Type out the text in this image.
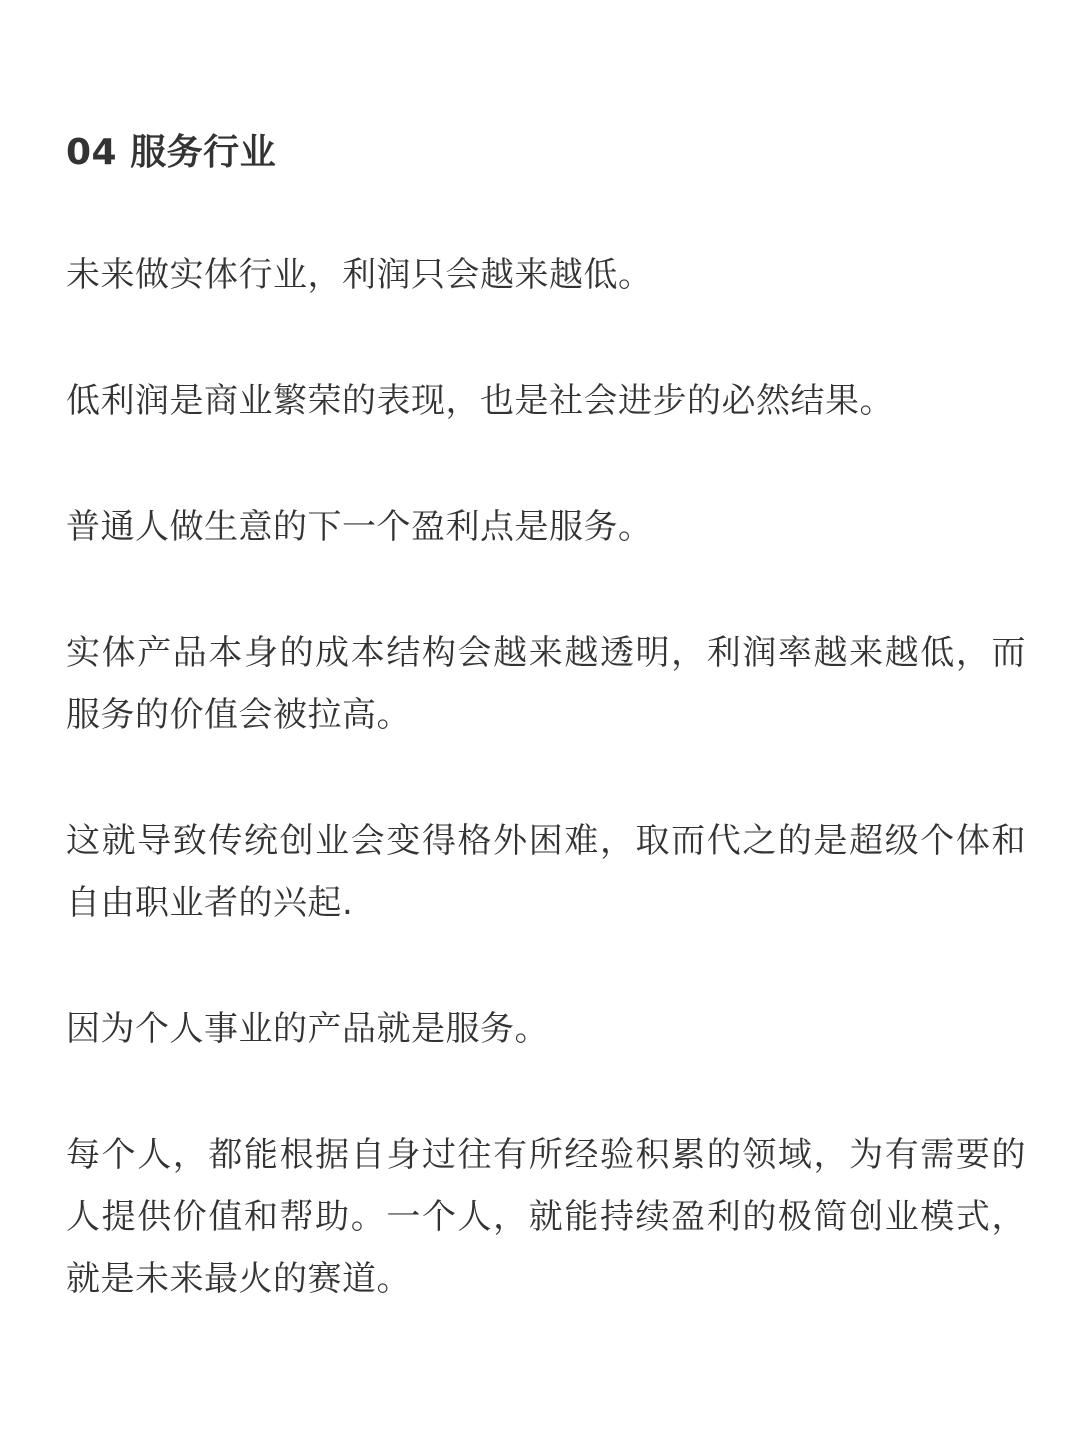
04 服务行业

未来做实体行业，利润只会越来越低。

低利润是商业繁荣的表现，也是社会进步的必然结果。

普通人做生意的下一个盈利点是服务。

实体产品本身的成本结构会越来越透明，利润率越来越低，而服务的价值会被拉高。

这就导致传统创业会变得格外困难，取而代之的是超级个体和自由职业者的兴起.

因为个人事业的产品就是服务。

每个人，都能根据自身过往有所经验积累的领域，为有需要的人提供价值和帮助。一个人，就能持续盈利的极简创业模式，就是未来最火的赛道。
